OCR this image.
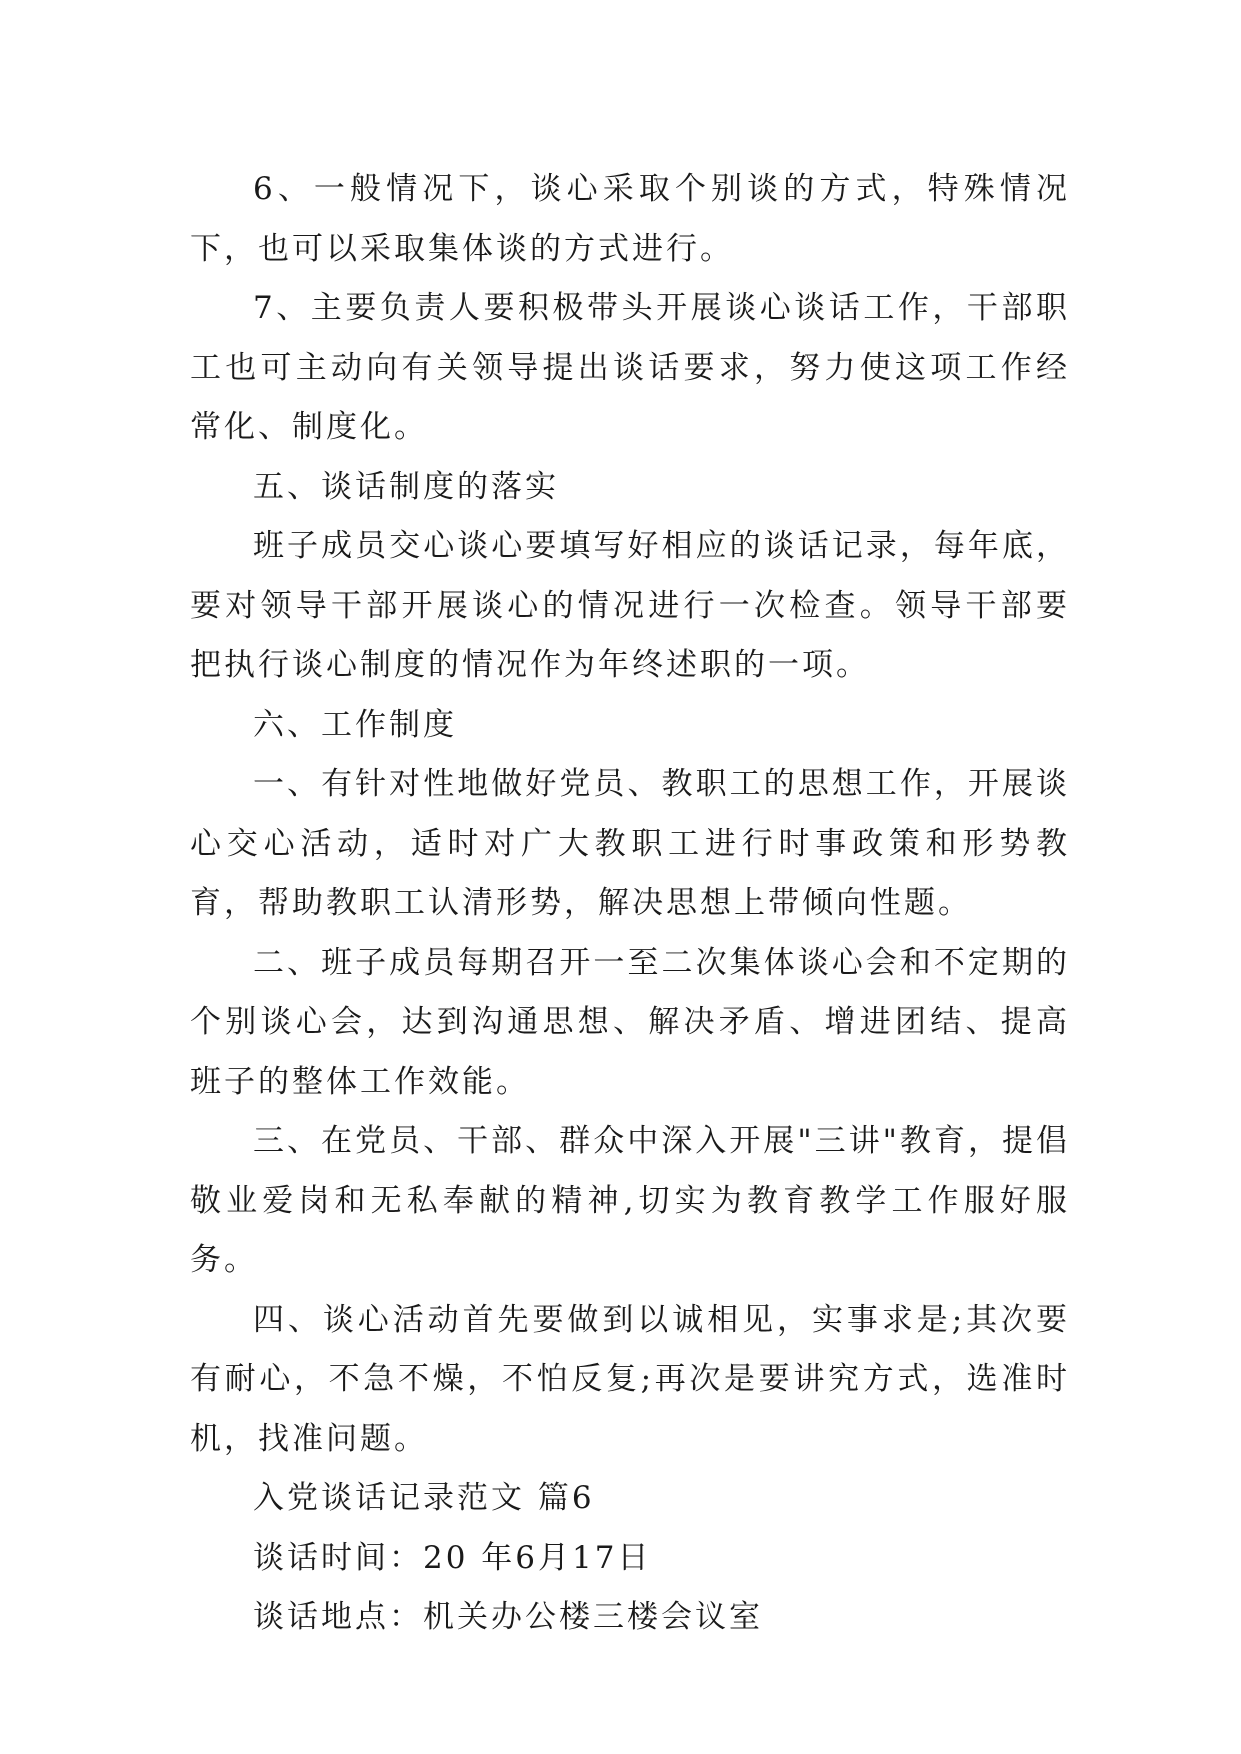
6、一般情况下，谈心采取个别谈的方式，特殊情况下，也可以采取集体谈的方式进行。

7、主要负责人要积极带头开展谈心谈话工作，干部职工也可主动向有关领导提出谈话要求，努力使这项工作经常化、制度化。

五、谈话制度的落实

班子成员交心谈心要填写好相应的谈话记录，每年底，要对领导干部开展谈心的情况进行一次检查。领导干部要把执行谈心制度的情况作为年终述职的一项。

六、工作制度

一、有针对性地做好党员、教职工的思想工作，开展谈心交心活动，适时对广大教职工进行时事政策和形势教育，帮助教职工认清形势，解决思想上带倾向性题。

二、班子成员每期召开一至二次集体谈心会和不定期的个别谈心会，达到沟通思想、解决矛盾、增进团结、提高班子的整体工作效能。

三、在党员、干部、群众中深入开展"三讲"教育，提倡敬业爱岗和无私奉献的精神,切实为教育教学工作服好服务。

四、谈心活动首先要做到以诚相见，实事求是;其次要有耐心，不急不燥，不怕反复;再次是要讲究方式，选准时机，找准问题。

入党谈话记录范文 篇6

谈话时间：20 年6月17日

谈话地点：机关办公楼三楼会议室
